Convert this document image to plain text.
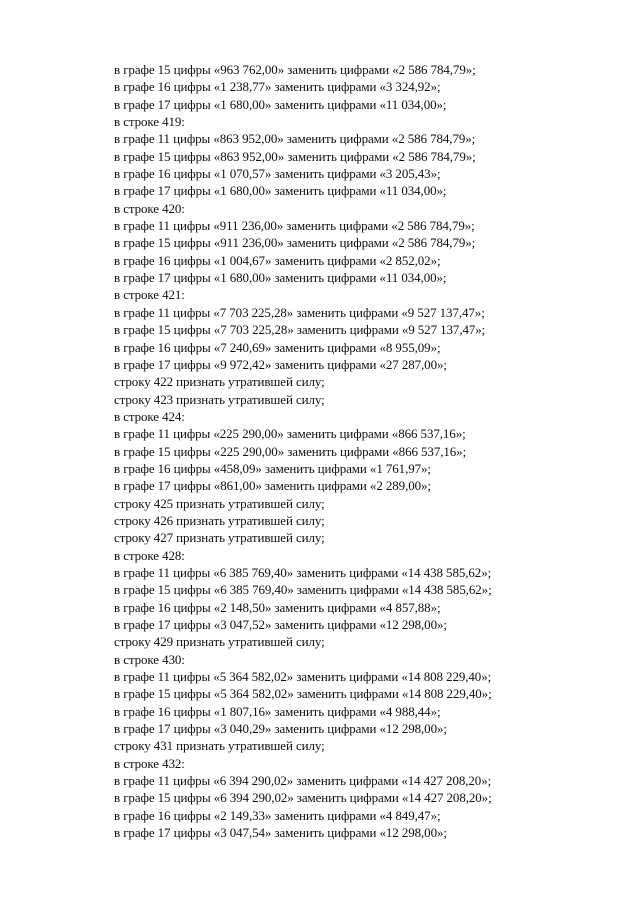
в графе 15 цифры «963 762,00» заменить цифрами «2 586 784,79»;
в графе 16 цифры «1 238,77» заменить цифрами «3 324,92»;
в графе 17 цифры «1 680,00» заменить цифрами «11 034,00»;
в строке 419:
в графе 11 цифры «863 952,00» заменить цифрами «2 586 784,79»;
в графе 15 цифры «863 952,00» заменить цифрами «2 586 784,79»;
в графе 16 цифры «1 070,57» заменить цифрами «3 205,43»;
в графе 17 цифры «1 680,00» заменить цифрами «11 034,00»;
в строке 420:
в графе 11 цифры «911 236,00» заменить цифрами «2 586 784,79»;
в графе 15 цифры «911 236,00» заменить цифрами «2 586 784,79»;
в графе 16 цифры «1 004,67» заменить цифрами «2 852,02»;
в графе 17 цифры «1 680,00» заменить цифрами «11 034,00»;
в строке 421:
в графе 11 цифры «7 703 225,28» заменить цифрами «9 527 137,47»;
в графе 15 цифры «7 703 225,28» заменить цифрами «9 527 137,47»;
в графе 16 цифры «7 240,69» заменить цифрами «8 955,09»;
в графе 17 цифры «9 972,42» заменить цифрами «27 287,00»;
строку 422 признать утратившей силу;
строку 423 признать утратившей силу;
в строке 424:
в графе 11 цифры «225 290,00» заменить цифрами «866 537,16»;
в графе 15 цифры «225 290,00» заменить цифрами «866 537,16»;
в графе 16 цифры «458,09» заменить цифрами «1 761,97»;
в графе 17 цифры «861,00» заменить цифрами «2 289,00»;
строку 425 признать утратившей силу;
строку 426 признать утратившей силу;
строку 427 признать утратившей силу;
в строке 428:
в графе 11 цифры «6 385 769,40» заменить цифрами «14 438 585,62»;
в графе 15 цифры «6 385 769,40» заменить цифрами «14 438 585,62»;
в графе 16 цифры «2 148,50» заменить цифрами «4 857,88»;
в графе 17 цифры «3 047,52» заменить цифрами «12 298,00»;
строку 429 признать утратившей силу;
в строке 430:
в графе 11 цифры «5 364 582,02» заменить цифрами «14 808 229,40»;
в графе 15 цифры «5 364 582,02» заменить цифрами «14 808 229,40»;
в графе 16 цифры «1 807,16» заменить цифрами «4 988,44»;
в графе 17 цифры «3 040,29» заменить цифрами «12 298,00»;
строку 431 признать утратившей силу;
в строке 432:
в графе 11 цифры «6 394 290,02» заменить цифрами «14 427 208,20»;
в графе 15 цифры «6 394 290,02» заменить цифрами «14 427 208,20»;
в графе 16 цифры «2 149,33» заменить цифрами «4 849,47»;
в графе 17 цифры «3 047,54» заменить цифрами «12 298,00»;
